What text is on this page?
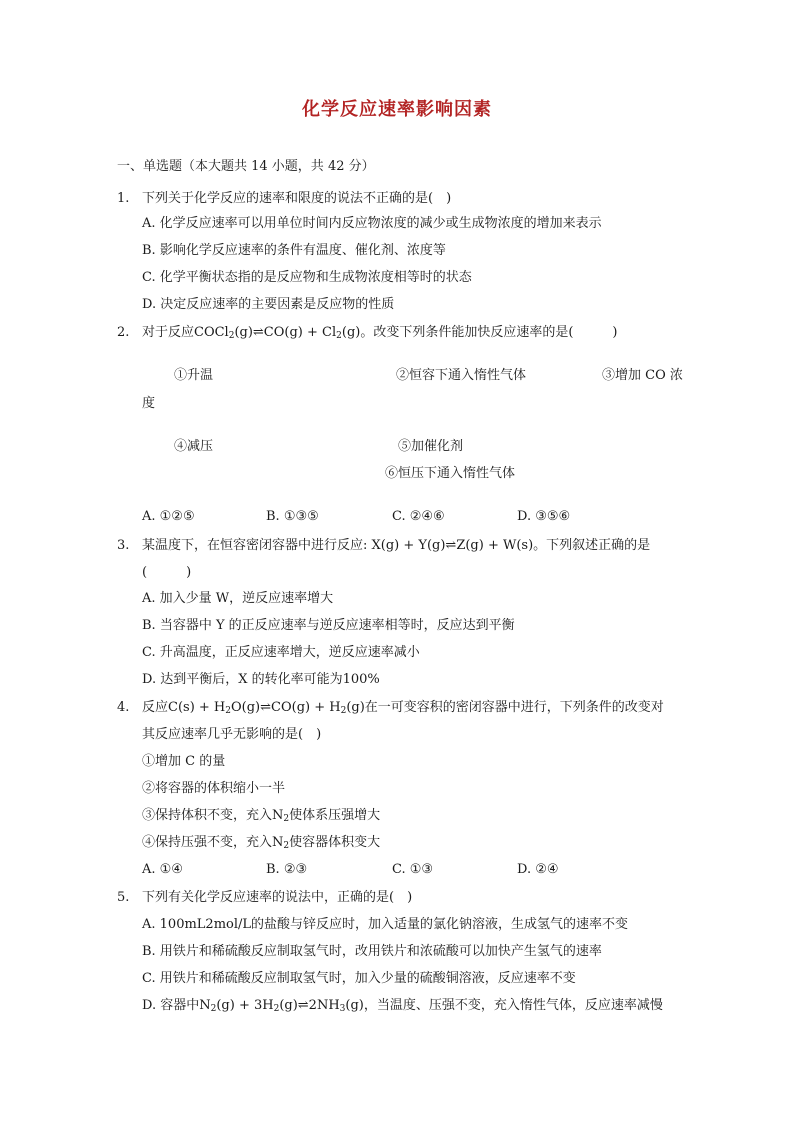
化学反应速率影响因素
一、单选题（本大题共 14 小题，共 42 分）
1. 下列关于化学反应的速率和限度的说法不正确的是(　)
A. 化学反应速率可以用单位时间内反应物浓度的减少或生成物浓度的增加来表示
B. 影响化学反应速率的条件有温度、催化剂、浓度等
C. 化学平衡状态指的是反应物和生成物浓度相等时的状态
D. 决定反应速率的主要因素是反应物的性质
2. 对于反应COCl$_2$(g)⇌CO(g) + $Cl_2(g)$。改变下列条件能加快反应速率的是(　　　)
①升温	②恒容下通入惰性气体	③增加 CO 浓
度
④减压	⑤加催化剂
⑥恒压下通入惰性气体
A. ①②⑤	B. ①③⑤	C. ②④⑥	D. ③⑤⑥
3. 某温度下，在恒容密闭容器中进行反应: X(g) + Y(g)⇌Z(g) + W(s)。下列叙述正确的是
(　　　)
A. 加入少量 W，逆反应速率增大
B. 当容器中 Y 的正反应速率与逆反应速率相等时，反应达到平衡
C. 升高温度，正反应速率增大，逆反应速率减小
D. 达到平衡后，X 的转化率可能为100%
4. 反应$C(s) + H_2O(g)\rightleftharpoons CO(g) + H_2(g)$在一可变容积的密闭容器中进行，下列条件的改变对
其反应速率几乎无影响的是(　)
①增加 C 的量
②将容器的体积缩小一半
③保持体积不变，充入$N_2$使体系压强增大
④保持压强不变，充入$N_2$使容器体积变大
A. ①④	B. ②③	C. ①③	D. ②④
5. 下列有关化学反应速率的说法中，正确的是(　)
A. 100mL2mol/L的盐酸与锌反应时，加入适量的氯化钠溶液，生成氢气的速率不变
B. 用铁片和稀硫酸反应制取氢气时，改用铁片和浓硫酸可以加快产生氢气的速率
C. 用铁片和稀硫酸反应制取氢气时，加入少量的硫酸铜溶液，反应速率不变
D. 容器中$N_2(g)$ + $3H_2(g)\rightleftharpoons 2NH_3(g)$，当温度、压强不变，充入惰性气体，反应速率减慢
